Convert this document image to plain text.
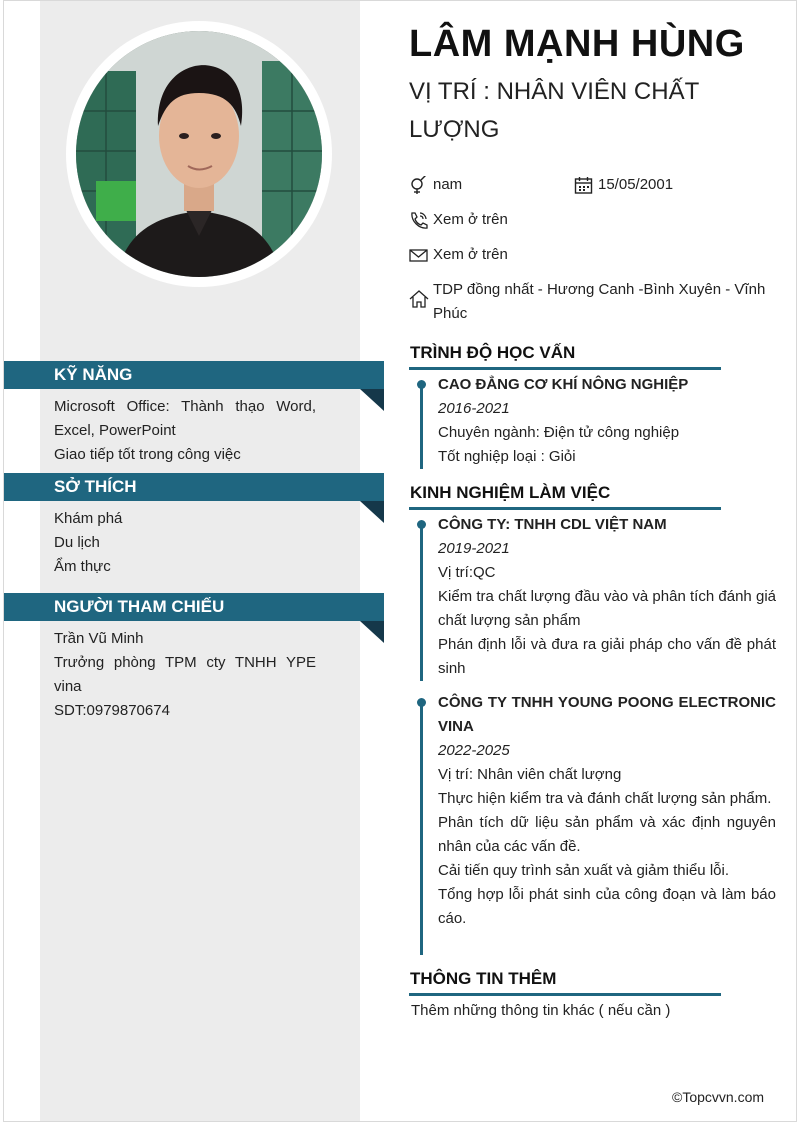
KỸ NĂNG
Microsoft Office: Thành thạo Word, Excel, PowerPoint
Giao tiếp tốt trong công việc
SỞ THÍCH
Khám phá
Du lịch
Ẩm thực
NGƯỜI THAM CHIẾU
Trần Vũ Minh
Trưởng phòng TPM cty TNHH YPE vina
SDT:0979870674
LÂM MẠNH HÙNG
VỊ TRÍ : NHÂN VIÊN CHẤT LƯỢNG
nam	15/05/2001
Xem ở trên
Xem ở trên
TDP đồng nhất - Hương Canh -Bình Xuyên - Vĩnh Phúc
TRÌNH ĐỘ HỌC VẤN
CAO ĐẲNG CƠ KHÍ NÔNG NGHIỆP
2016-2021
Chuyên ngành: Điện tử công nghiệp
Tốt nghiệp loại : Giỏi
KINH NGHIỆM LÀM VIỆC
CÔNG TY: TNHH CDL VIỆT NAM
2019-2021
Vị trí:QC
Kiểm tra chất lượng đầu vào và phân tích đánh giá chất lượng sản phẩm
Phán định lỗi và đưa ra giải pháp cho vấn đề phát sinh
CÔNG TY TNHH YOUNG POONG ELECTRONIC VINA
2022-2025
Vị trí: Nhân viên chất lượng
Thực hiện kiểm tra và đánh chất lượng sản phẩm.
Phân tích dữ liệu sản phẩm và xác định nguyên nhân của các vấn đề.
Cải tiến quy trình sản xuất và giảm thiểu lỗi.
Tổng hợp lỗi phát sinh của công đoạn và làm báo cáo.
THÔNG TIN THÊM
Thêm những thông tin khác ( nếu cần )
©Topcvvn.com
